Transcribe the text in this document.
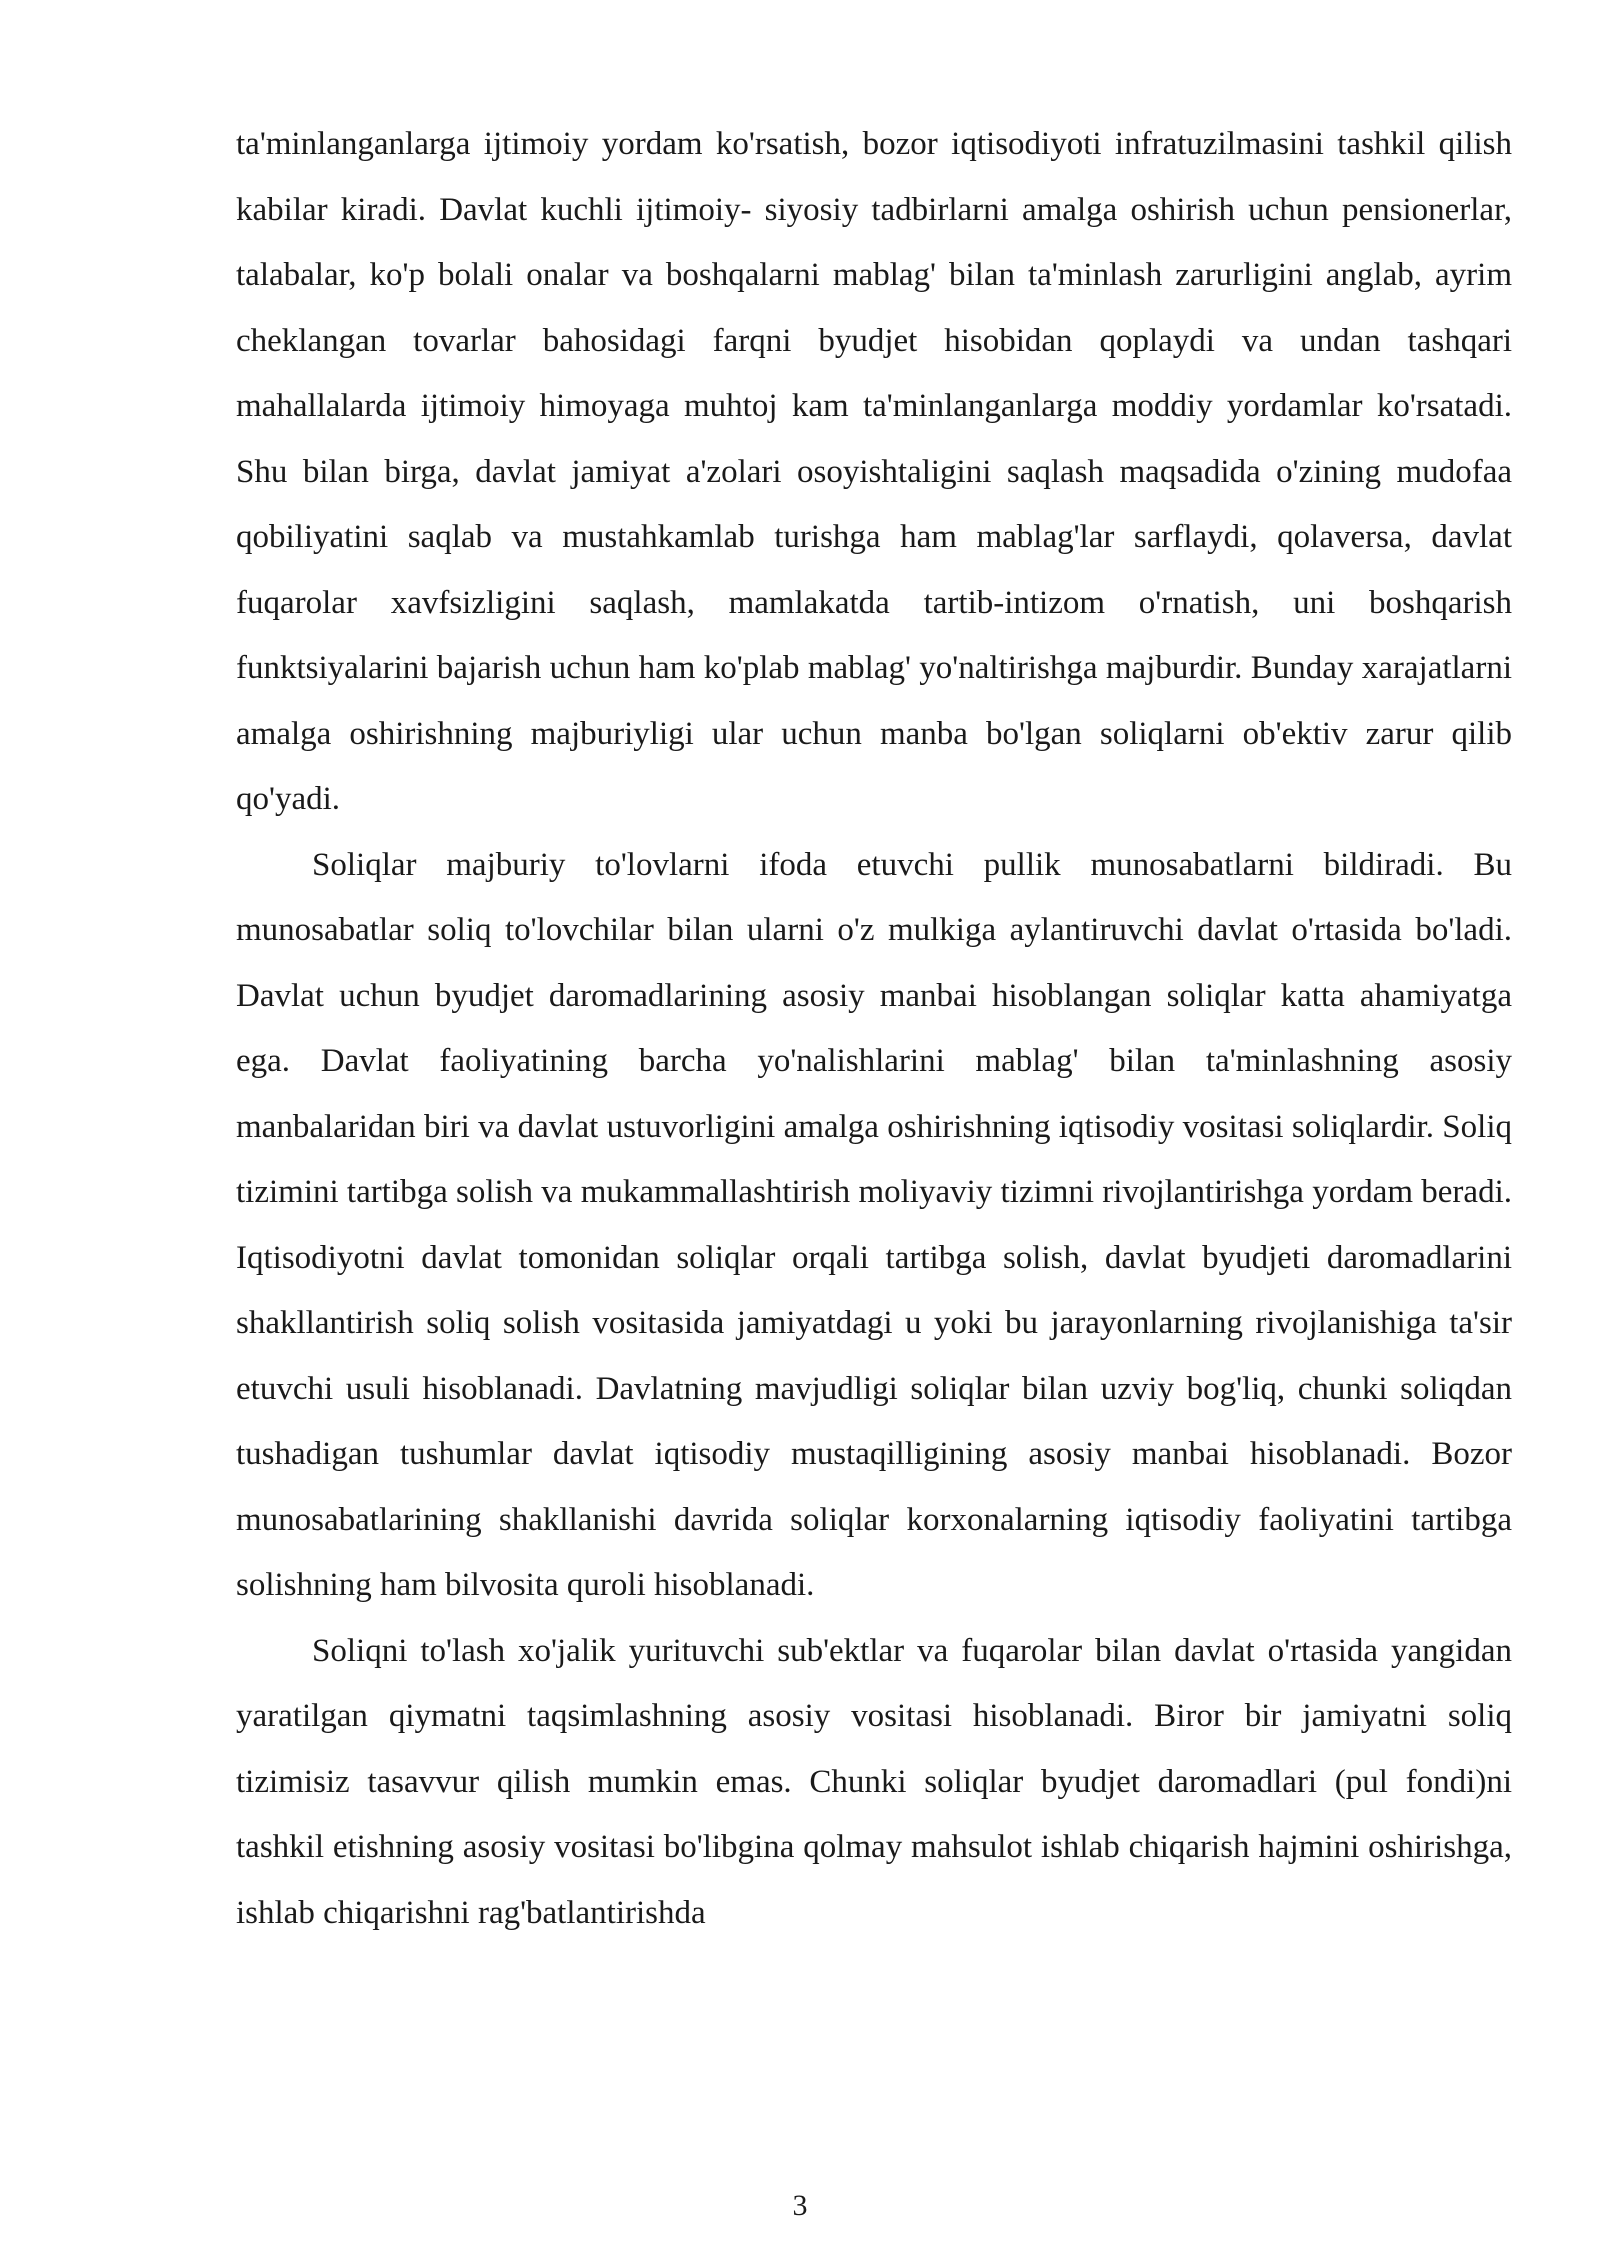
ta'minlanganlarga ijtimoiy yordam ko'rsatish, bozor iqtisodiyoti infratuzilmasini tashkil qilish kabilar kiradi. Davlat kuchli ijtimoiy- siyosiy tadbirlarni amalga oshirish uchun pensionerlar, talabalar, ko'p bolali onalar va boshqalarni mablag' bilan ta'minlash zarurligini anglab, ayrim cheklangan tovarlar bahosidagi farqni byudjet hisobidan qoplaydi va undan tashqari mahallalarda ijtimoiy himoyaga muhtoj kam ta'minlanganlarga moddiy yordamlar ko'rsatadi. Shu bilan birga, davlat jamiyat a'zolari osoyishtaligini saqlash maqsadida o'zining mudofaa qobiliyatini saqlab va mustahkamlab turishga ham mablag'lar sarflaydi, qolaversa, davlat fuqarolar xavfsizligini saqlash, mamlakatda tartib-intizom o'rnatish, uni boshqarish funktsiyalarini bajarish uchun ham ko'plab mablag' yo'naltirishga majburdir. Bunday xarajatlarni amalga oshirishning majburiyligi ular uchun manba bo'lgan soliqlarni ob'ektiv zarur qilib qo'yadi.

Soliqlar majburiy to'lovlarni ifoda etuvchi pullik munosabatlarni bildiradi. Bu munosabatlar soliq to'lovchilar bilan ularni o'z mulkiga aylantiruvchi davlat o'rtasida bo'ladi. Davlat uchun byudjet daromadlarining asosiy manbai hisoblangan soliqlar katta ahamiyatga ega. Davlat faoliyatining barcha yo'nalishlarini mablag' bilan ta'minlashning asosiy manbalaridan biri va davlat ustuvorligini amalga oshirishning iqtisodiy vositasi soliqlardir. Soliq tizimini tartibga solish va mukammallashtirish moliyaviy tizimni rivojlantirishga yordam beradi. Iqtisodiyotni davlat tomonidan soliqlar orqali tartibga solish, davlat byudjeti daromadlarini shakllantirish soliq solish vositasida jamiyatdagi u yoki bu jarayonlarning rivojlanishiga ta'sir etuvchi usuli hisoblanadi. Davlatning mavjudligi soliqlar bilan uzviy bog'liq, chunki soliqdan tushadigan tushumlar davlat iqtisodiy mustaqilligining asosiy manbai hisoblanadi. Bozor munosabatlarining shakllanishi davrida soliqlar korxonalarning iqtisodiy faoliyatini tartibga solishning ham bilvosita quroli hisoblanadi.

Soliqni to'lash xo'jalik yurituvchi sub'ektlar va fuqarolar bilan davlat o'rtasida yangidan yaratilgan qiymatni taqsimlashning asosiy vositasi hisoblanadi. Biror bir jamiyatni soliq tizimisiz tasavvur qilish mumkin emas. Chunki soliqlar byudjet daromadlari (pul fondi)ni tashkil etishning asosiy vositasi bo'libgina qolmay mahsulot ishlab chiqarish hajmini oshirishga, ishlab chiqarishni rag'batlantirishda

3
